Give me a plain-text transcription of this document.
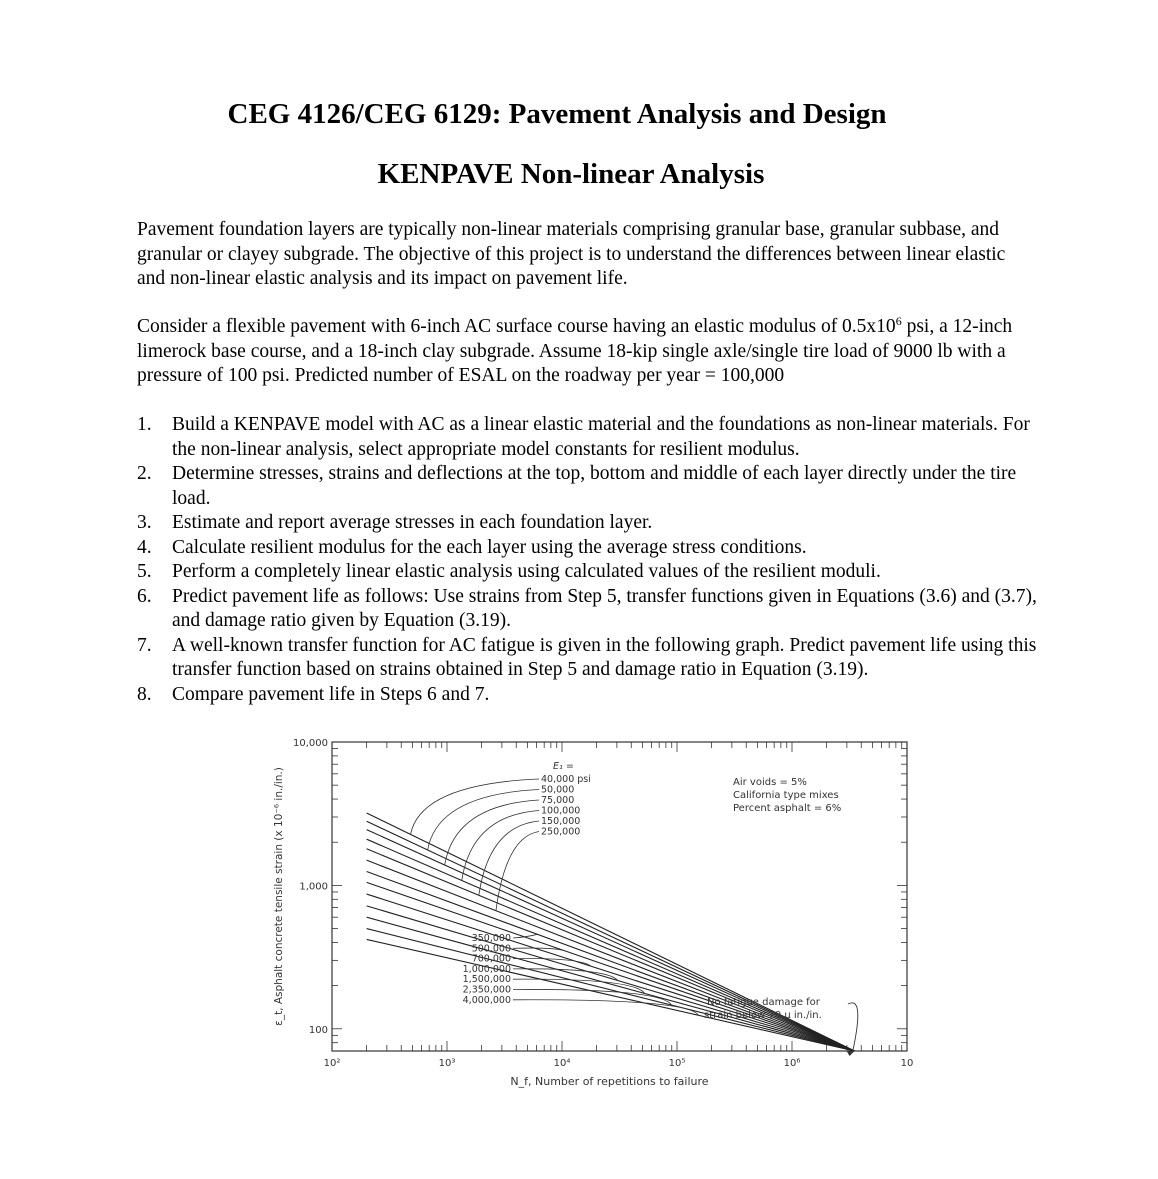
CEG 4126/CEG 6129: Pavement Analysis and Design
KENPAVE Non-linear Analysis

Pavement foundation layers are typically non-linear materials comprising granular base, granular subbase, and granular or clayey subgrade. The objective of this project is to understand the differences between linear elastic and non-linear elastic analysis and its impact on pavement life.

Consider a flexible pavement with 6-inch AC surface course having an elastic modulus of $0.5x10^6$ psi, a 12-inch limerock base course, and a 18-inch clay subgrade. Assume 18-kip single axle/single tire load of 9000 lb with a pressure of 100 psi. Predicted number of ESAL on the roadway per year = 100,000

1. Build a KENPAVE model with AC as a linear elastic material and the foundations as non-linear materials. For the non-linear analysis, select appropriate model constants for resilient modulus.
2. Determine stresses, strains and deflections at the top, bottom and middle of each layer directly under the tire load.
3. Estimate and report average stresses in each foundation layer.
4. Calculate resilient modulus for the each layer using the average stress conditions.
5. Perform a completely linear elastic analysis using calculated values of the resilient moduli.
6. Predict pavement life as follows: Use strains from Step 5, transfer functions given in Equations (3.6) and (3.7), and damage ratio given by Equation (3.19).
7. A well-known transfer function for AC fatigue is given in the following graph. Predict pavement life using this transfer function based on strains obtained in Step 5 and damage ratio in Equation (3.19).
8. Compare pavement life in Steps 6 and 7.
10²	10³	10⁴	10⁵	10⁶	10
10,000
1,000
100
N_f, Number of repetitions to failure
ε_t, Asphalt concrete tensile strain (x 10⁻⁶ in./in.)
E₁ =
40,000 psi
50,000
75,000
100,000
150,000
250,000
350,000
500,000
700,000
1,000,000
1,500,000
2,350,000
4,000,000
Air voids = 5%
California type mixes
Percent asphalt = 6%
No fatigue damage for
strain below 70 μ in./in.
